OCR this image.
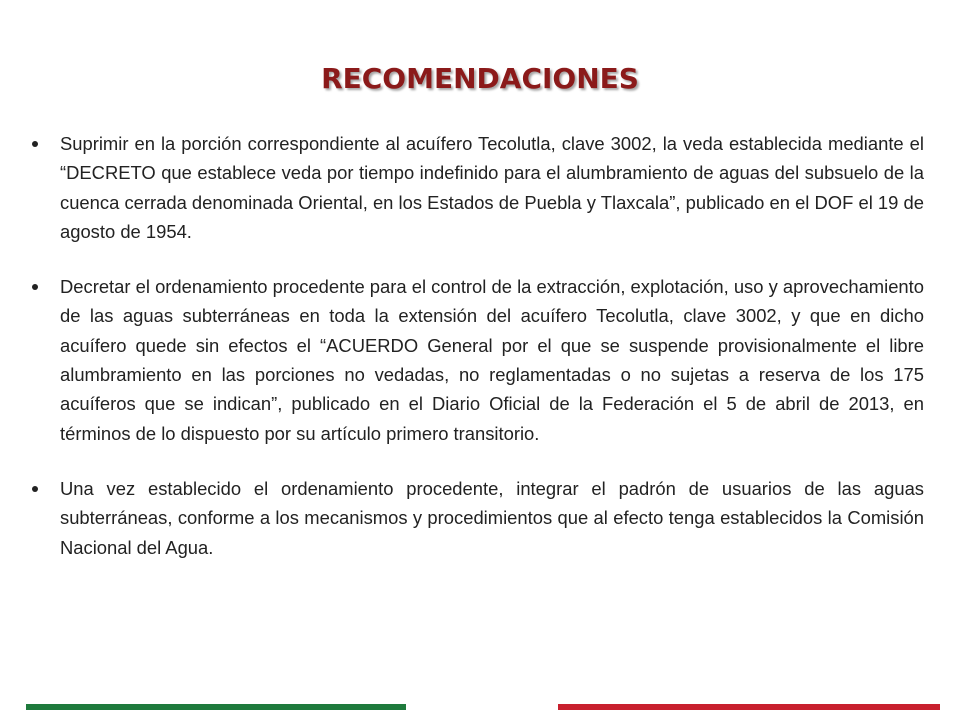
RECOMENDACIONES
Suprimir en la porción correspondiente al acuífero Tecolutla, clave 3002, la veda establecida mediante el “DECRETO que establece veda por tiempo indefinido para el alumbramiento de aguas del subsuelo de la cuenca cerrada denominada Oriental, en los Estados de Puebla y Tlaxcala”, publicado en el DOF el 19 de agosto de 1954.
Decretar el ordenamiento procedente para el control de la extracción, explotación, uso y aprovechamiento de las aguas subterráneas en toda la extensión del acuífero Tecolutla, clave 3002, y que en dicho acuífero quede sin efectos el “ACUERDO General por el que se suspende provisionalmente el libre alumbramiento en las porciones no vedadas, no reglamentadas o no sujetas a reserva de los 175 acuíferos que se indican”, publicado en el Diario Oficial de la Federación el 5 de abril de 2013, en términos de lo dispuesto por su artículo primero transitorio.
Una vez establecido el ordenamiento procedente, integrar el padrón de usuarios de las aguas subterráneas, conforme a los mecanismos y procedimientos que al efecto tenga establecidos la Comisión Nacional del Agua.
